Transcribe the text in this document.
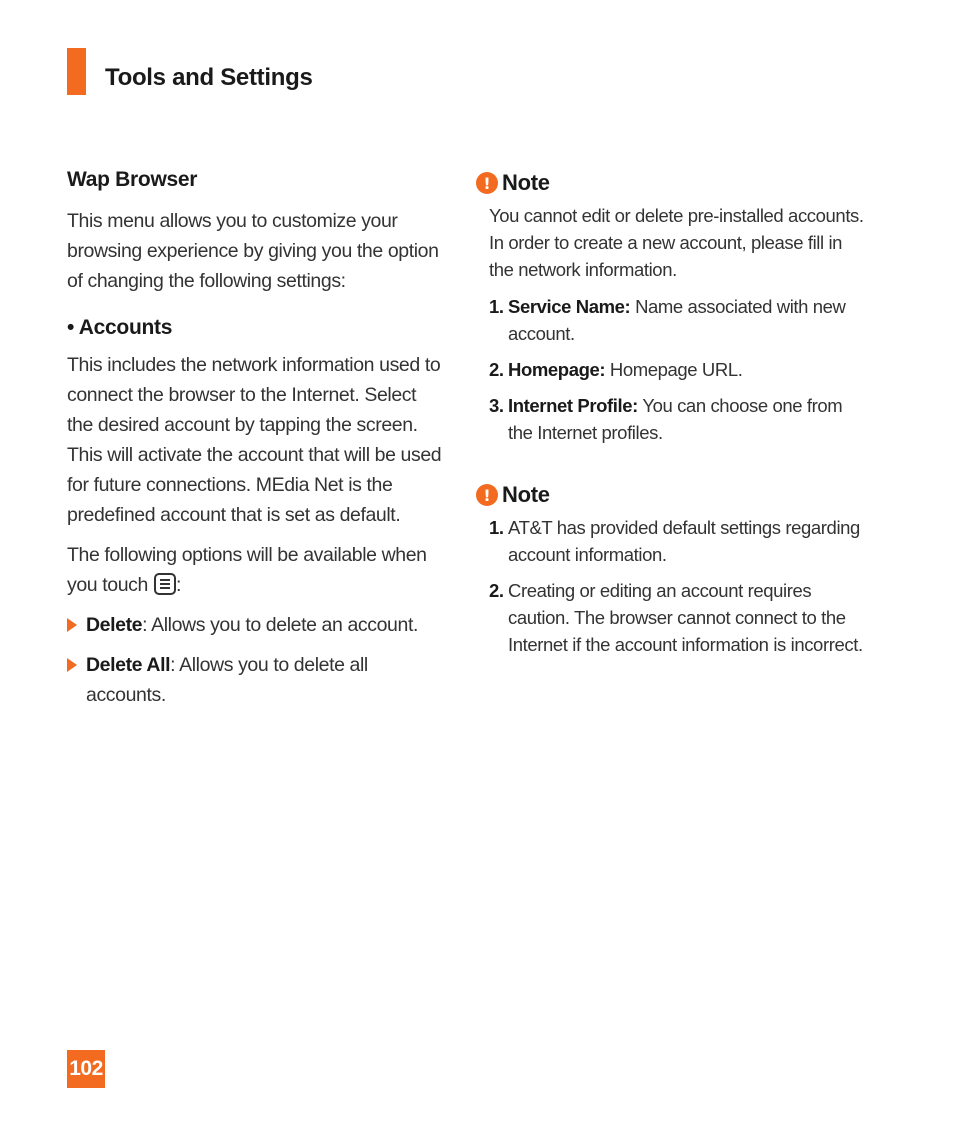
Tools and Settings
Wap Browser

This menu allows you to customize your browsing experience by giving you the option of changing the following settings:

• Accounts

This includes the network information used to connect the browser to the Internet. Select the desired account by tapping the screen. This will activate the account that will be used for future connections. MEdia Net is the predefined account that is set as default.

The following options will be available when you touch :

Delete: Allows you to delete an account.
Delete All: Allows you to delete all accounts.
! Note

You cannot edit or delete pre-installed accounts. In order to create a new account, please fill in the network information.

1. Service Name: Name associated with new account.
2. Homepage: Homepage URL.
3. Internet Profile: You can choose one from the Internet profiles.
! Note
1. AT&T has provided default settings regarding account information.
2. Creating or editing an account requires caution. The browser cannot connect to the Internet if the account information is incorrect.
102
